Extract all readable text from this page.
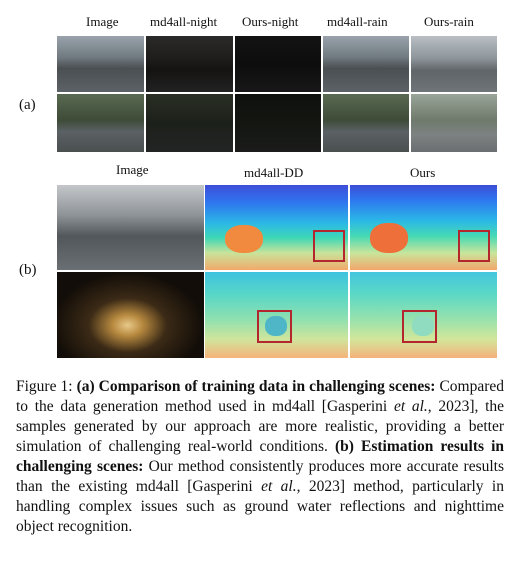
Image md4all-night Ours-night md4all-rain	Ours-rain
(a)
Image	md4all-DD	Ours
(b)
Figure 1: (a) Comparison of training data in challenging scenes: Compared to the data generation method used in md4all [Gasperini et al., 2023], the samples generated by our approach are more realistic, providing a better simulation of challenging real-world conditions. (b) Estimation results in challenging scenes: Our method consistently produces more accurate results than the existing md4all [Gasperini et al., 2023] method, particularly in handling complex issues such as ground water reflections and nighttime object recognition.
